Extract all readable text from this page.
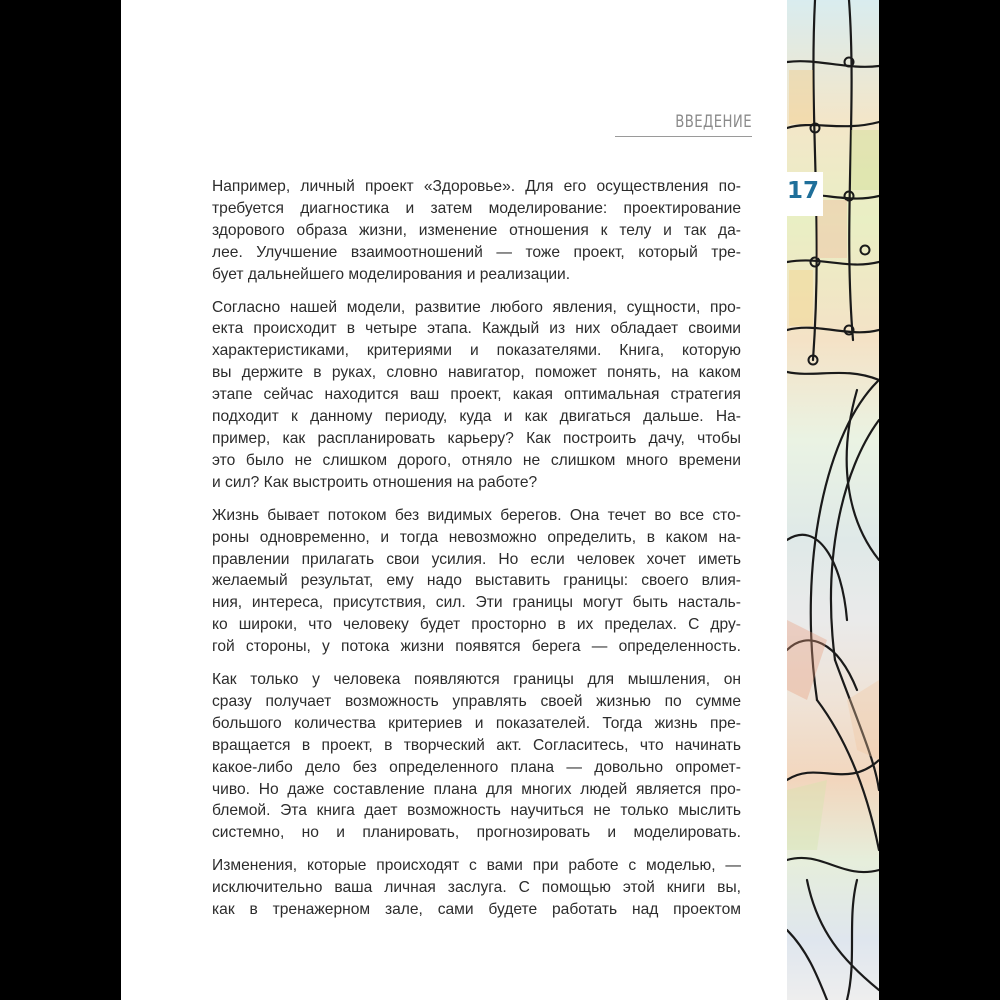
ВВЕДЕНИЕ
17

Например, личный проект «Здоровье». Для его осуществления по-
требуется диагностика и затем моделирование: проектирование
здорового образа жизни, изменение отношения к телу и так да-
лее. Улучшение взаимоотношений — тоже проект, который тре-
бует дальнейшего моделирования и реализации.

Согласно нашей модели, развитие любого явления, сущности, про-
екта происходит в четыре этапа. Каждый из них обладает своими
характеристиками, критериями и показателями. Книга, которую
вы держите в руках, словно навигатор, поможет понять, на каком
этапе сейчас находится ваш проект, какая оптимальная стратегия
подходит к данному периоду, куда и как двигаться дальше. На-
пример, как распланировать карьеру? Как построить дачу, чтобы
это было не слишком дорого, отняло не слишком много времени
и сил? Как выстроить отношения на работе?

Жизнь бывает потоком без видимых берегов. Она течет во все сто-
роны одновременно, и тогда невозможно определить, в каком на-
правлении прилагать свои усилия. Но если человек хочет иметь
желаемый результат, ему надо выставить границы: своего влия-
ния, интереса, присутствия, сил. Эти границы могут быть насталь-
ко широки, что человеку будет просторно в их пределах. С дру-
гой стороны, у потока жизни появятся берега — определенность.

Как только у человека появляются границы для мышления, он
сразу получает возможность управлять своей жизнью по сумме
большого количества критериев и показателей. Тогда жизнь пре-
вращается в проект, в творческий акт. Согласитесь, что начинать
какое-либо дело без определенного плана — довольно опромет-
чиво. Но даже составление плана для многих людей является про-
блемой. Эта книга дает возможность научиться не только мыслить
системно, но и планировать, прогнозировать и моделировать.

Изменения, которые происходят с вами при работе с моделью, —
исключительно ваша личная заслуга. С помощью этой книги вы,
как в тренажерном зале, сами будете работать над проектом
